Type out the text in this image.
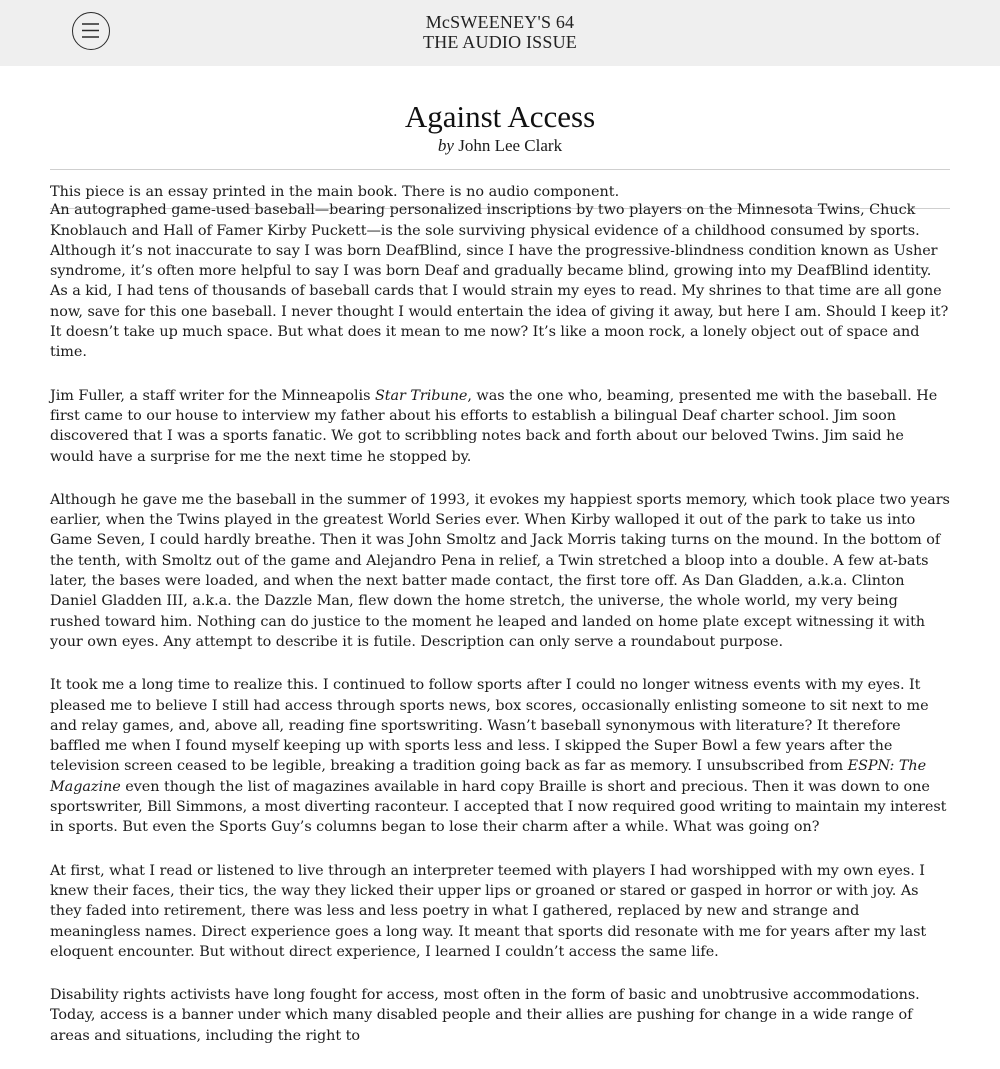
McSWEENEY'S 64
THE AUDIO ISSUE
Against Access
by John Lee Clark

This piece is an essay printed in the main book. There is no audio component.

An autographed game-used baseball—bearing personalized inscriptions by two players on the Minnesota Twins, Chuck Knoblauch and Hall of Famer Kirby Puckett—is the sole surviving physical evidence of a childhood consumed by sports. Although it’s not inaccurate to say I was born DeafBlind, since I have the progressive-blindness condition known as Usher syndrome, it’s often more helpful to say I was born Deaf and gradually became blind, growing into my DeafBlind identity. As a kid, I had tens of thousands of baseball cards that I would strain my eyes to read. My shrines to that time are all gone now, save for this one baseball. I never thought I would entertain the idea of giving it away, but here I am. Should I keep it? It doesn’t take up much space. But what does it mean to me now? It’s like a moon rock, a lonely object out of space and time.

Jim Fuller, a staff writer for the Minneapolis Star Tribune, was the one who, beaming, presented me with the baseball. He first came to our house to interview my father about his efforts to establish a bilingual Deaf charter school. Jim soon discovered that I was a sports fanatic. We got to scribbling notes back and forth about our beloved Twins. Jim said he would have a surprise for me the next time he stopped by.

Although he gave me the baseball in the summer of 1993, it evokes my happiest sports memory, which took place two years earlier, when the Twins played in the greatest World Series ever. When Kirby walloped it out of the park to take us into Game Seven, I could hardly breathe. Then it was John Smoltz and Jack Morris taking turns on the mound. In the bottom of the tenth, with Smoltz out of the game and Alejandro Pena in relief, a Twin stretched a bloop into a double. A few at-bats later, the bases were loaded, and when the next batter made contact, the first tore off. As Dan Gladden, a.k.a. Clinton Daniel Gladden III, a.k.a. the Dazzle Man, flew down the home stretch, the universe, the whole world, my very being rushed toward him. Nothing can do justice to the moment he leaped and landed on home plate except witnessing it with your own eyes. Any attempt to describe it is futile. Description can only serve a roundabout purpose.

It took me a long time to realize this. I continued to follow sports after I could no longer witness events with my eyes. It pleased me to believe I still had access through sports news, box scores, occasionally enlisting someone to sit next to me and relay games, and, above all, reading fine sportswriting. Wasn’t baseball synonymous with literature? It therefore baffled me when I found myself keeping up with sports less and less. I skipped the Super Bowl a few years after the television screen ceased to be legible, breaking a tradition going back as far as memory. I unsubscribed from ESPN: The Magazine even though the list of magazines available in hard copy Braille is short and precious. Then it was down to one sportswriter, Bill Simmons, a most diverting raconteur. I accepted that I now required good writing to maintain my interest in sports. But even the Sports Guy’s columns began to lose their charm after a while. What was going on?

At first, what I read or listened to live through an interpreter teemed with players I had worshipped with my own eyes. I knew their faces, their tics, the way they licked their upper lips or groaned or stared or gasped in horror or with joy. As they faded into retirement, there was less and less poetry in what I gathered, replaced by new and strange and meaningless names. Direct experience goes a long way. It meant that sports did resonate with me for years after my last eloquent encounter. But without direct experience, I learned I couldn’t access the same life.

Disability rights activists have long fought for access, most often in the form of basic and unobtrusive accommodations. Today, access is a banner under which many disabled people and their allies are pushing for change in a wide range of areas and situations, including the right to
